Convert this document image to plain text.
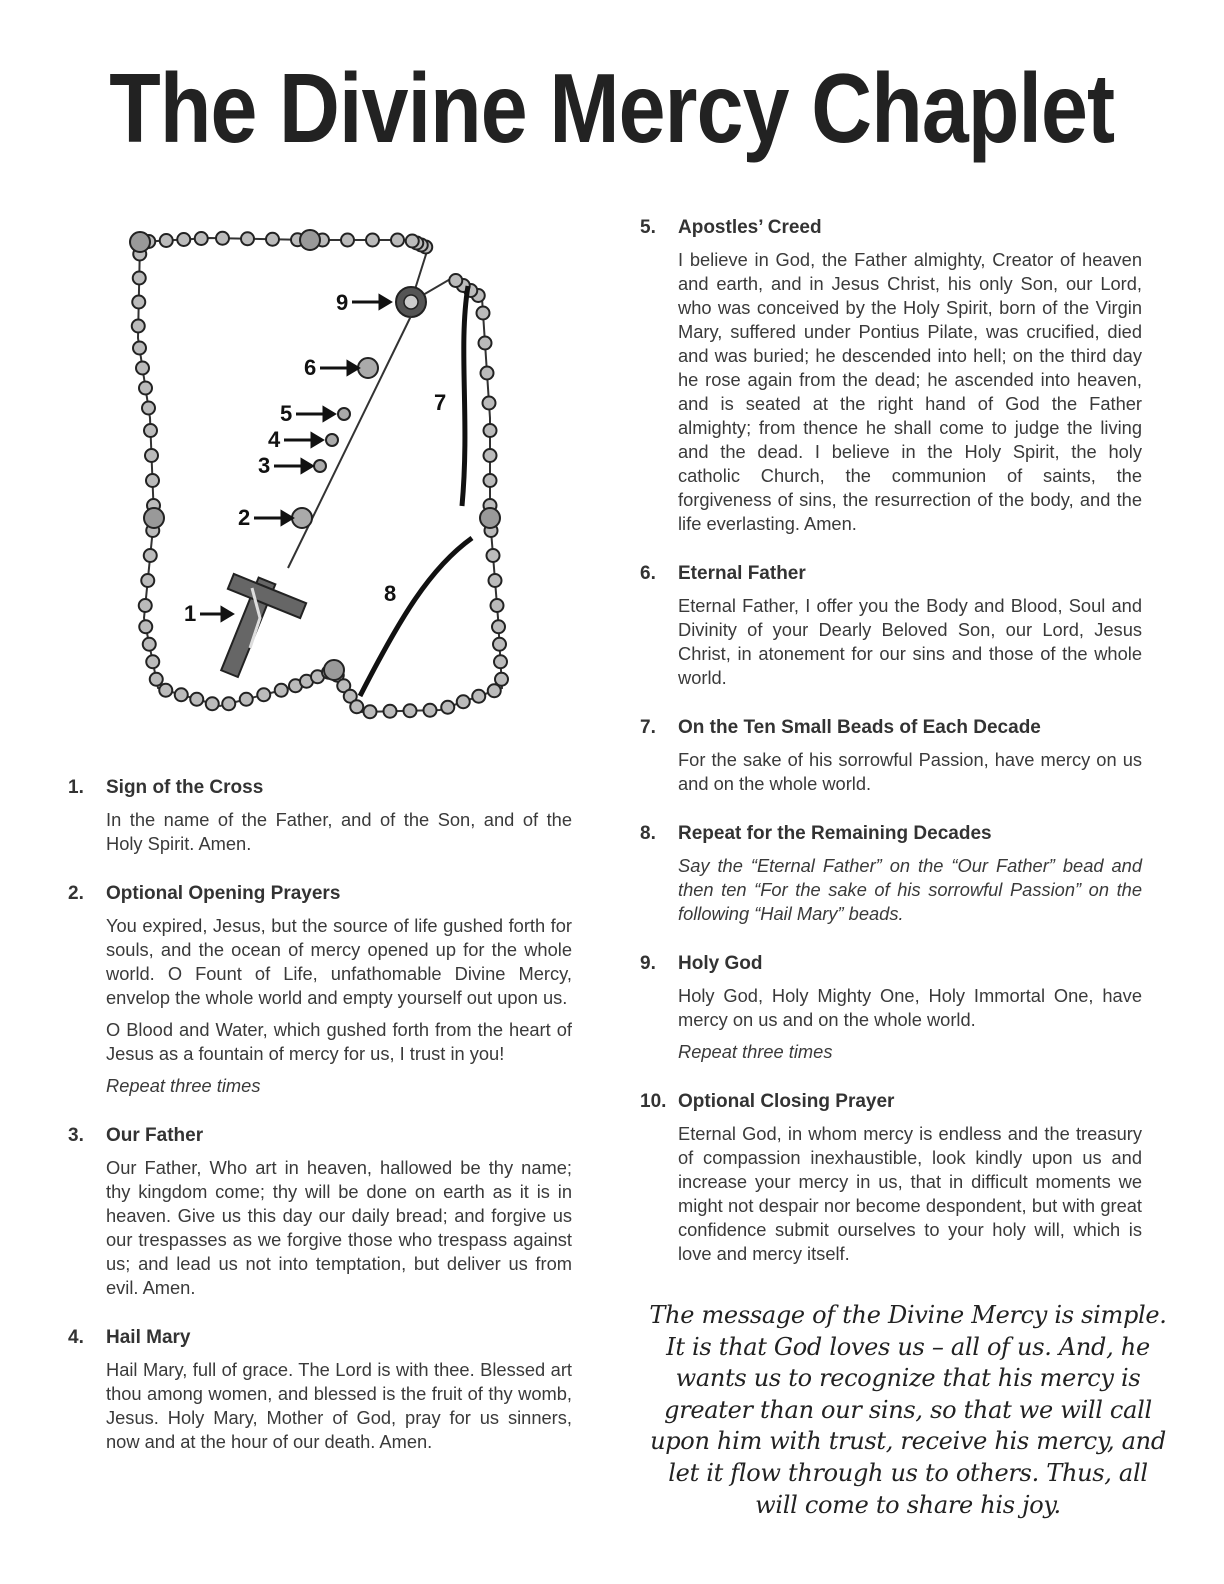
The Divine Mercy Chaplet
9
6
5
4
3
2
1
7
8
1.	Sign of the Cross

In the name of the Father, and of the Son, and of the Holy Spirit. Amen.

2.	Optional Opening Prayers

You expired, Jesus, but the source of life gushed forth for souls, and the ocean of mercy opened up for the whole world. O Fount of Life, unfathomable Divine Mercy, envelop the whole world and empty yourself out upon us.

O Blood and Water, which gushed forth from the heart of Jesus as a fountain of mercy for us, I trust in you!

Repeat three times

3.	Our Father

Our Father, Who art in heaven, hallowed be thy name; thy kingdom come; thy will be done on earth as it is in heaven. Give us this day our daily bread; and forgive us our trespasses as we forgive those who trespass against us; and lead us not into temptation, but deliver us from evil. Amen.

4.	Hail Mary

Hail Mary, full of grace. The Lord is with thee. Blessed art thou among women, and blessed is the fruit of thy womb, Jesus. Holy Mary, Mother of God, pray for us sinners, now and at the hour of our death. Amen.

5.	Apostles’ Creed

I believe in God, the Father almighty, Creator of heaven and earth, and in Jesus Christ, his only Son, our Lord, who was conceived by the Holy Spirit, born of the Virgin Mary, suffered under Pontius Pilate, was crucified, died and was buried; he descended into hell; on the third day he rose again from the dead; he ascended into heaven, and is seated at the right hand of God the Father almighty; from thence he shall come to judge the living and the dead. I believe in the Holy Spirit, the holy catholic Church, the communion of saints, the forgiveness of sins, the resurrection of the body, and the life everlasting. Amen.

6.	Eternal Father

Eternal Father, I offer you the Body and Blood, Soul and Divinity of your Dearly Beloved Son, our Lord, Jesus Christ, in atonement for our sins and those of the whole world.

7.	On the Ten Small Beads of Each Decade

For the sake of his sorrowful Passion, have mercy on us and on the whole world.

8.	Repeat for the Remaining Decades

Say the “Eternal Father” on the “Our Father” bead and then ten “For the sake of his sorrowful Passion” on the following “Hail Mary” beads.

9.	Holy God

Holy God, Holy Mighty One, Holy Immortal One, have mercy on us and on the whole world.

Repeat three times

10. Optional Closing Prayer

Eternal God, in whom mercy is endless and the treasury of compassion inexhaustible, look kindly upon us and increase your mercy in us, that in difficult moments we might not despair nor become despondent, but with great confidence submit ourselves to your holy will, which is love and mercy itself.

The message of the Divine Mercy is simple. It is that God loves us – all of us. And, he wants us to recognize that his mercy is greater than our sins, so that we will call upon him with trust, receive his mercy, and let it flow through us to others. Thus, all will come to share his joy.
